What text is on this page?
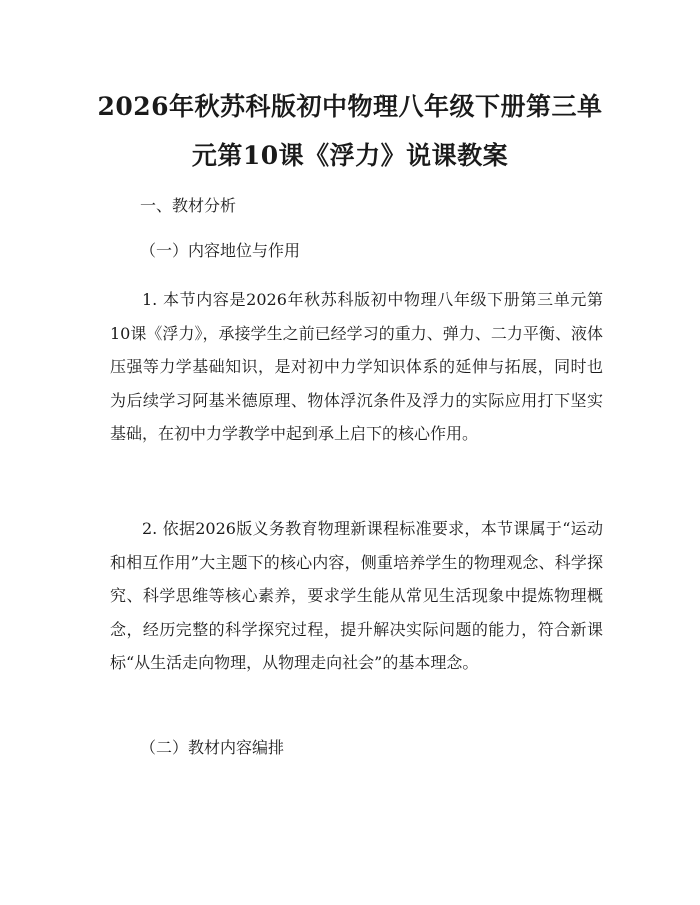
2026年秋苏科版初中物理八年级下册第三单元第10课《浮力》说课教案

一、教材分析

（一）内容地位与作用

1. 本节内容是2026年秋苏科版初中物理八年级下册第三单元第10课《浮力》，承接学生之前已经学习的重力、弹力、二力平衡、液体压强等力学基础知识，是对初中力学知识体系的延伸与拓展，同时也为后续学习阿基米德原理、物体浮沉条件及浮力的实际应用打下坚实基础，在初中力学教学中起到承上启下的核心作用。

2. 依据2026版义务教育物理新课程标准要求，本节课属于“运动和相互作用”大主题下的核心内容，侧重培养学生的物理观念、科学探究、科学思维等核心素养，要求学生能从常见生活现象中提炼物理概念，经历完整的科学探究过程，提升解决实际问题的能力，符合新课标“从生活走向物理，从物理走向社会”的基本理念。

（二）教材内容编排
